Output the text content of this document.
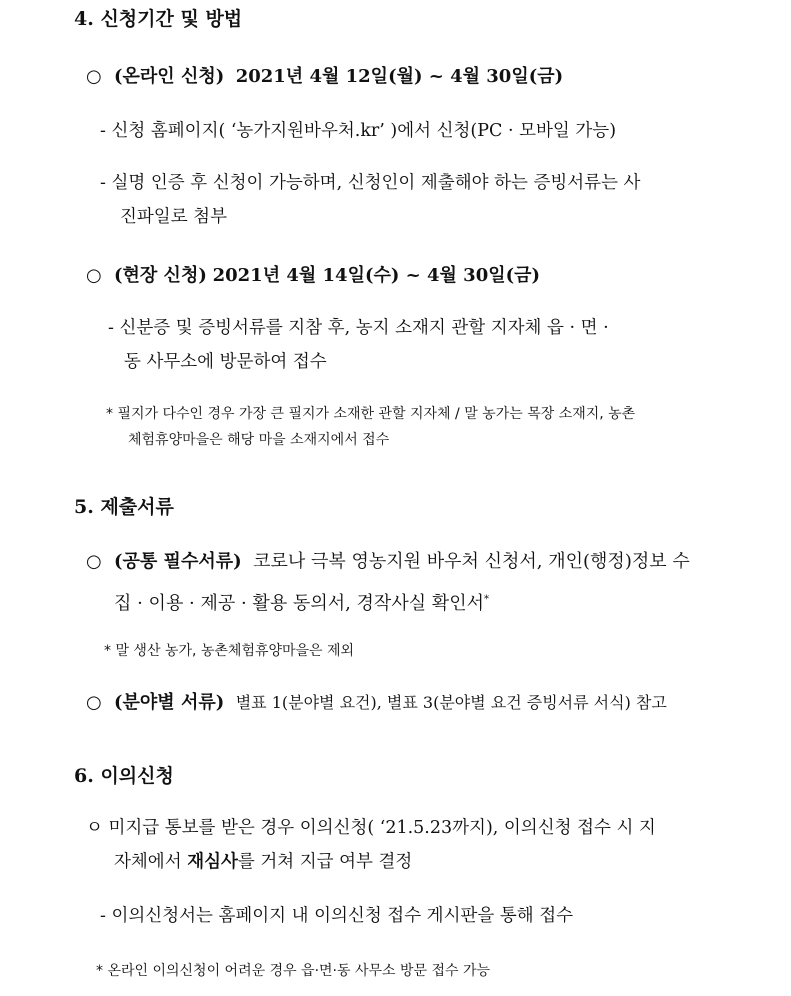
4. 신청기간 및 방법
○ (온라인 신청) 2021년 4월 12일(월) ~ 4월 30일(금)
- 신청 홈페이지( ‘농가지원바우처.kr’ )에서 신청(PC · 모바일 가능)
- 실명 인증 후 신청이 가능하며, 신청인이 제출해야 하는 증빙서류는 사
진파일로 첨부
○ (현장 신청) 2021년 4월 14일(수) ~ 4월 30일(금)
- 신분증 및 증빙서류를 지참 후, 농지 소재지 관할 지자체 읍 · 면 ·
동 사무소에 방문하여 접수
* 필지가 다수인 경우 가장 큰 필지가 소재한 관할 지자체 / 말 농가는 목장 소재지, 농촌
체험휴양마을은 해당 마을 소재지에서 접수
5. 제출서류
○ (공통 필수서류) 코로나 극복 영농지원 바우처 신청서, 개인(행정)정보 수
집 · 이용 · 제공 · 활용 동의서, 경작사실 확인서*
* 말 생산 농가, 농촌체험휴양마을은 제외
○ (분야별 서류) 별표 1(분야별 요건), 별표 3(분야별 요건 증빙서류 서식) 참고
6. 이의신청
ㅇ 미지급 통보를 받은 경우 이의신청( ‘21.5.23까지), 이의신청 접수 시 지
자체에서 재심사를 거쳐 지급 여부 결정
- 이의신청서는 홈페이지 내 이의신청 접수 게시판을 통해 접수
* 온라인 이의신청이 어려운 경우 읍·면·동 사무소 방문 접수 가능
